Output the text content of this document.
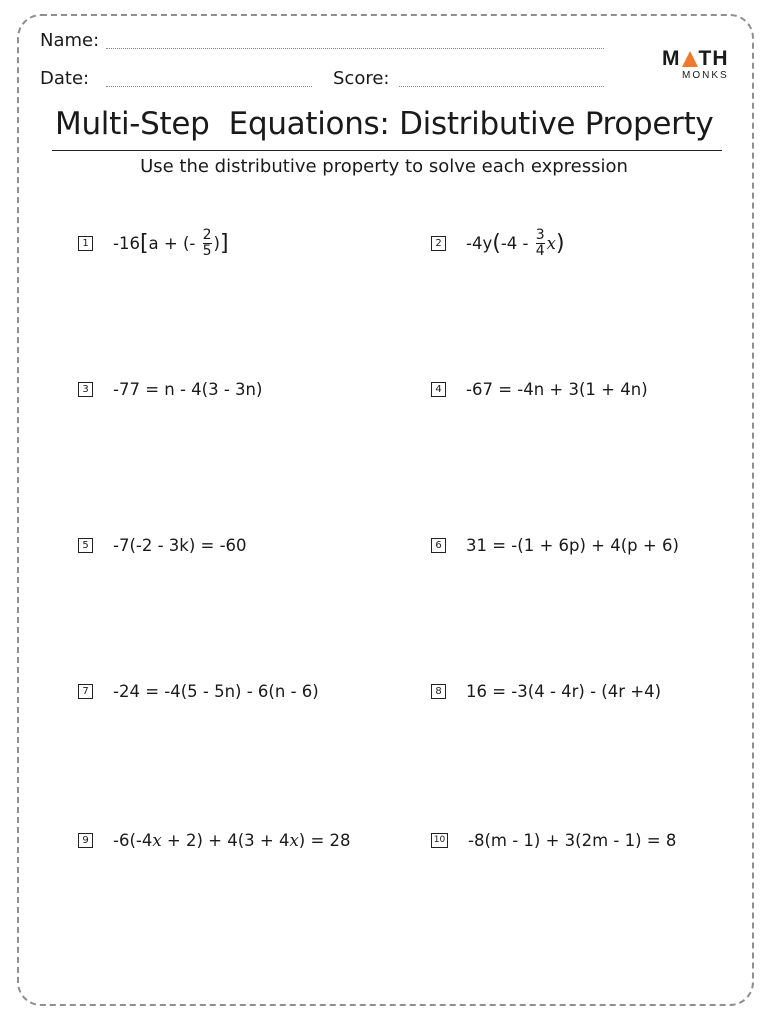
Name:
Date:	Score:
M TH
MONKS
Multi-Step  Equations: Distributive Property
Use the distributive property to solve each expression
1 -16 [ a + (- $\frac{2}{5}$ ) ]	2 -4y ( $-4 - \frac{3}{4}$ x )
3 -77 = n - 4(3 - 3n)	4 -67 = -4n + 3(1 + 4n)
5 -7(-2 - 3k) = -60	6 31 = -(1 + 6p) + 4(p + 6)
7 -24 = -4(5 - 5n) - 6(n - 6)	8 16 = -3(4 - 4r) - (4r +4)
9 -6(-4 x + 2) + 4(3 + 4 x ) = 28	10 -8(m - 1) + 3(2m - 1) = 8
